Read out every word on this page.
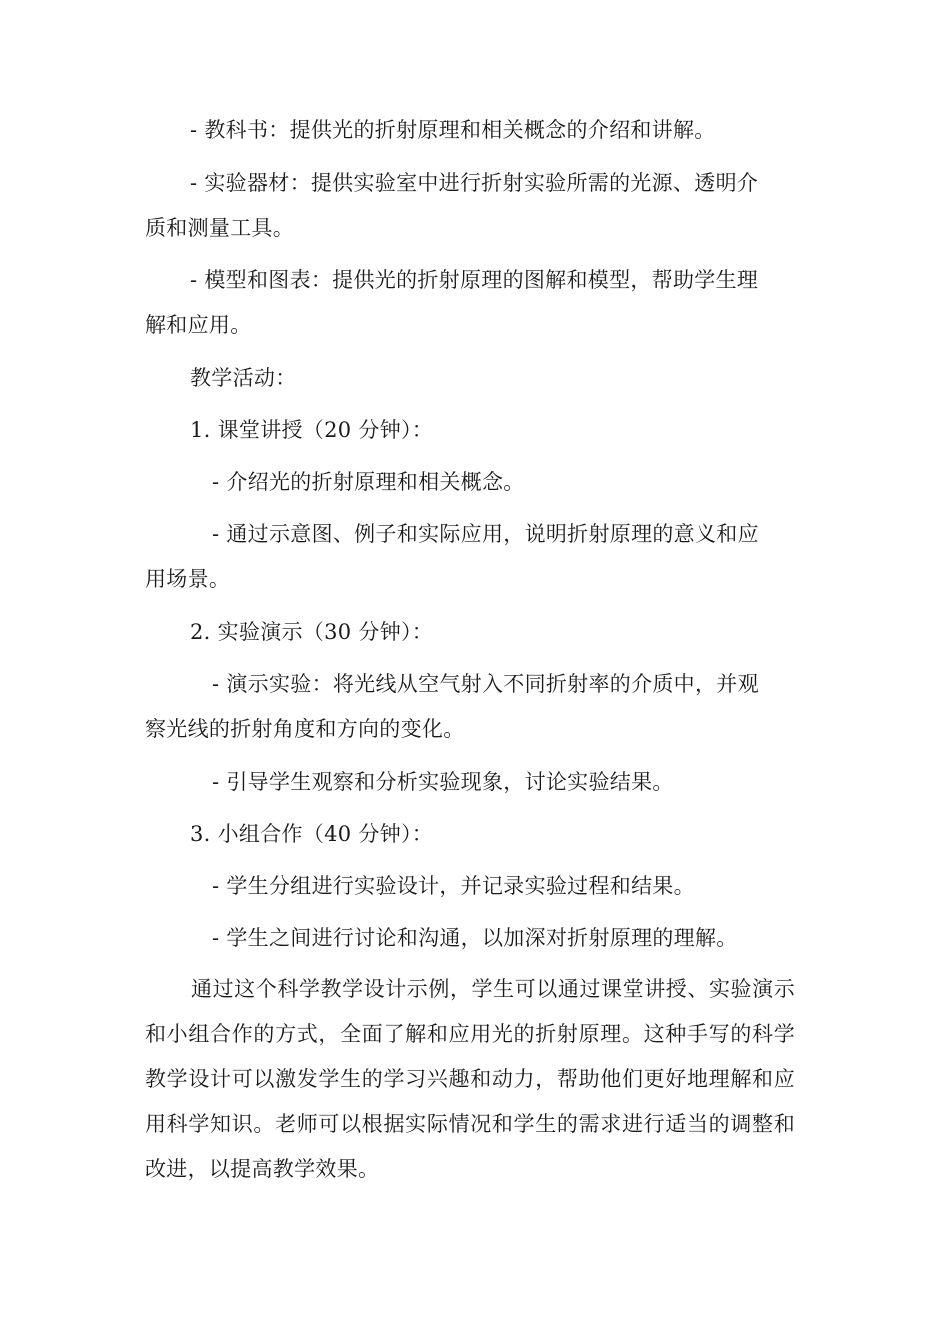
- 教科书：提供光的折射原理和相关概念的介绍和讲解。
- 实验器材：提供实验室中进行折射实验所需的光源、透明介
质和测量工具。
- 模型和图表：提供光的折射原理的图解和模型，帮助学生理
解和应用。
教学活动：
1. 课堂讲授（20 分钟）：
- 介绍光的折射原理和相关概念。
- 通过示意图、例子和实际应用，说明折射原理的意义和应
用场景。
2. 实验演示（30 分钟）：
- 演示实验：将光线从空气射入不同折射率的介质中，并观
察光线的折射角度和方向的变化。
- 引导学生观察和分析实验现象，讨论实验结果。
3. 小组合作（40 分钟）：
- 学生分组进行实验设计，并记录实验过程和结果。
- 学生之间进行讨论和沟通，以加深对折射原理的理解。
通过这个科学教学设计示例，学生可以通过课堂讲授、实验演示和小组合作的方式，全面了解和应用光的折射原理。这种手写的科学教学设计可以激发学生的学习兴趣和动力，帮助他们更好地理解和应用科学知识。老师可以根据实际情况和学生的需求进行适当的调整和改进，以提高教学效果。
